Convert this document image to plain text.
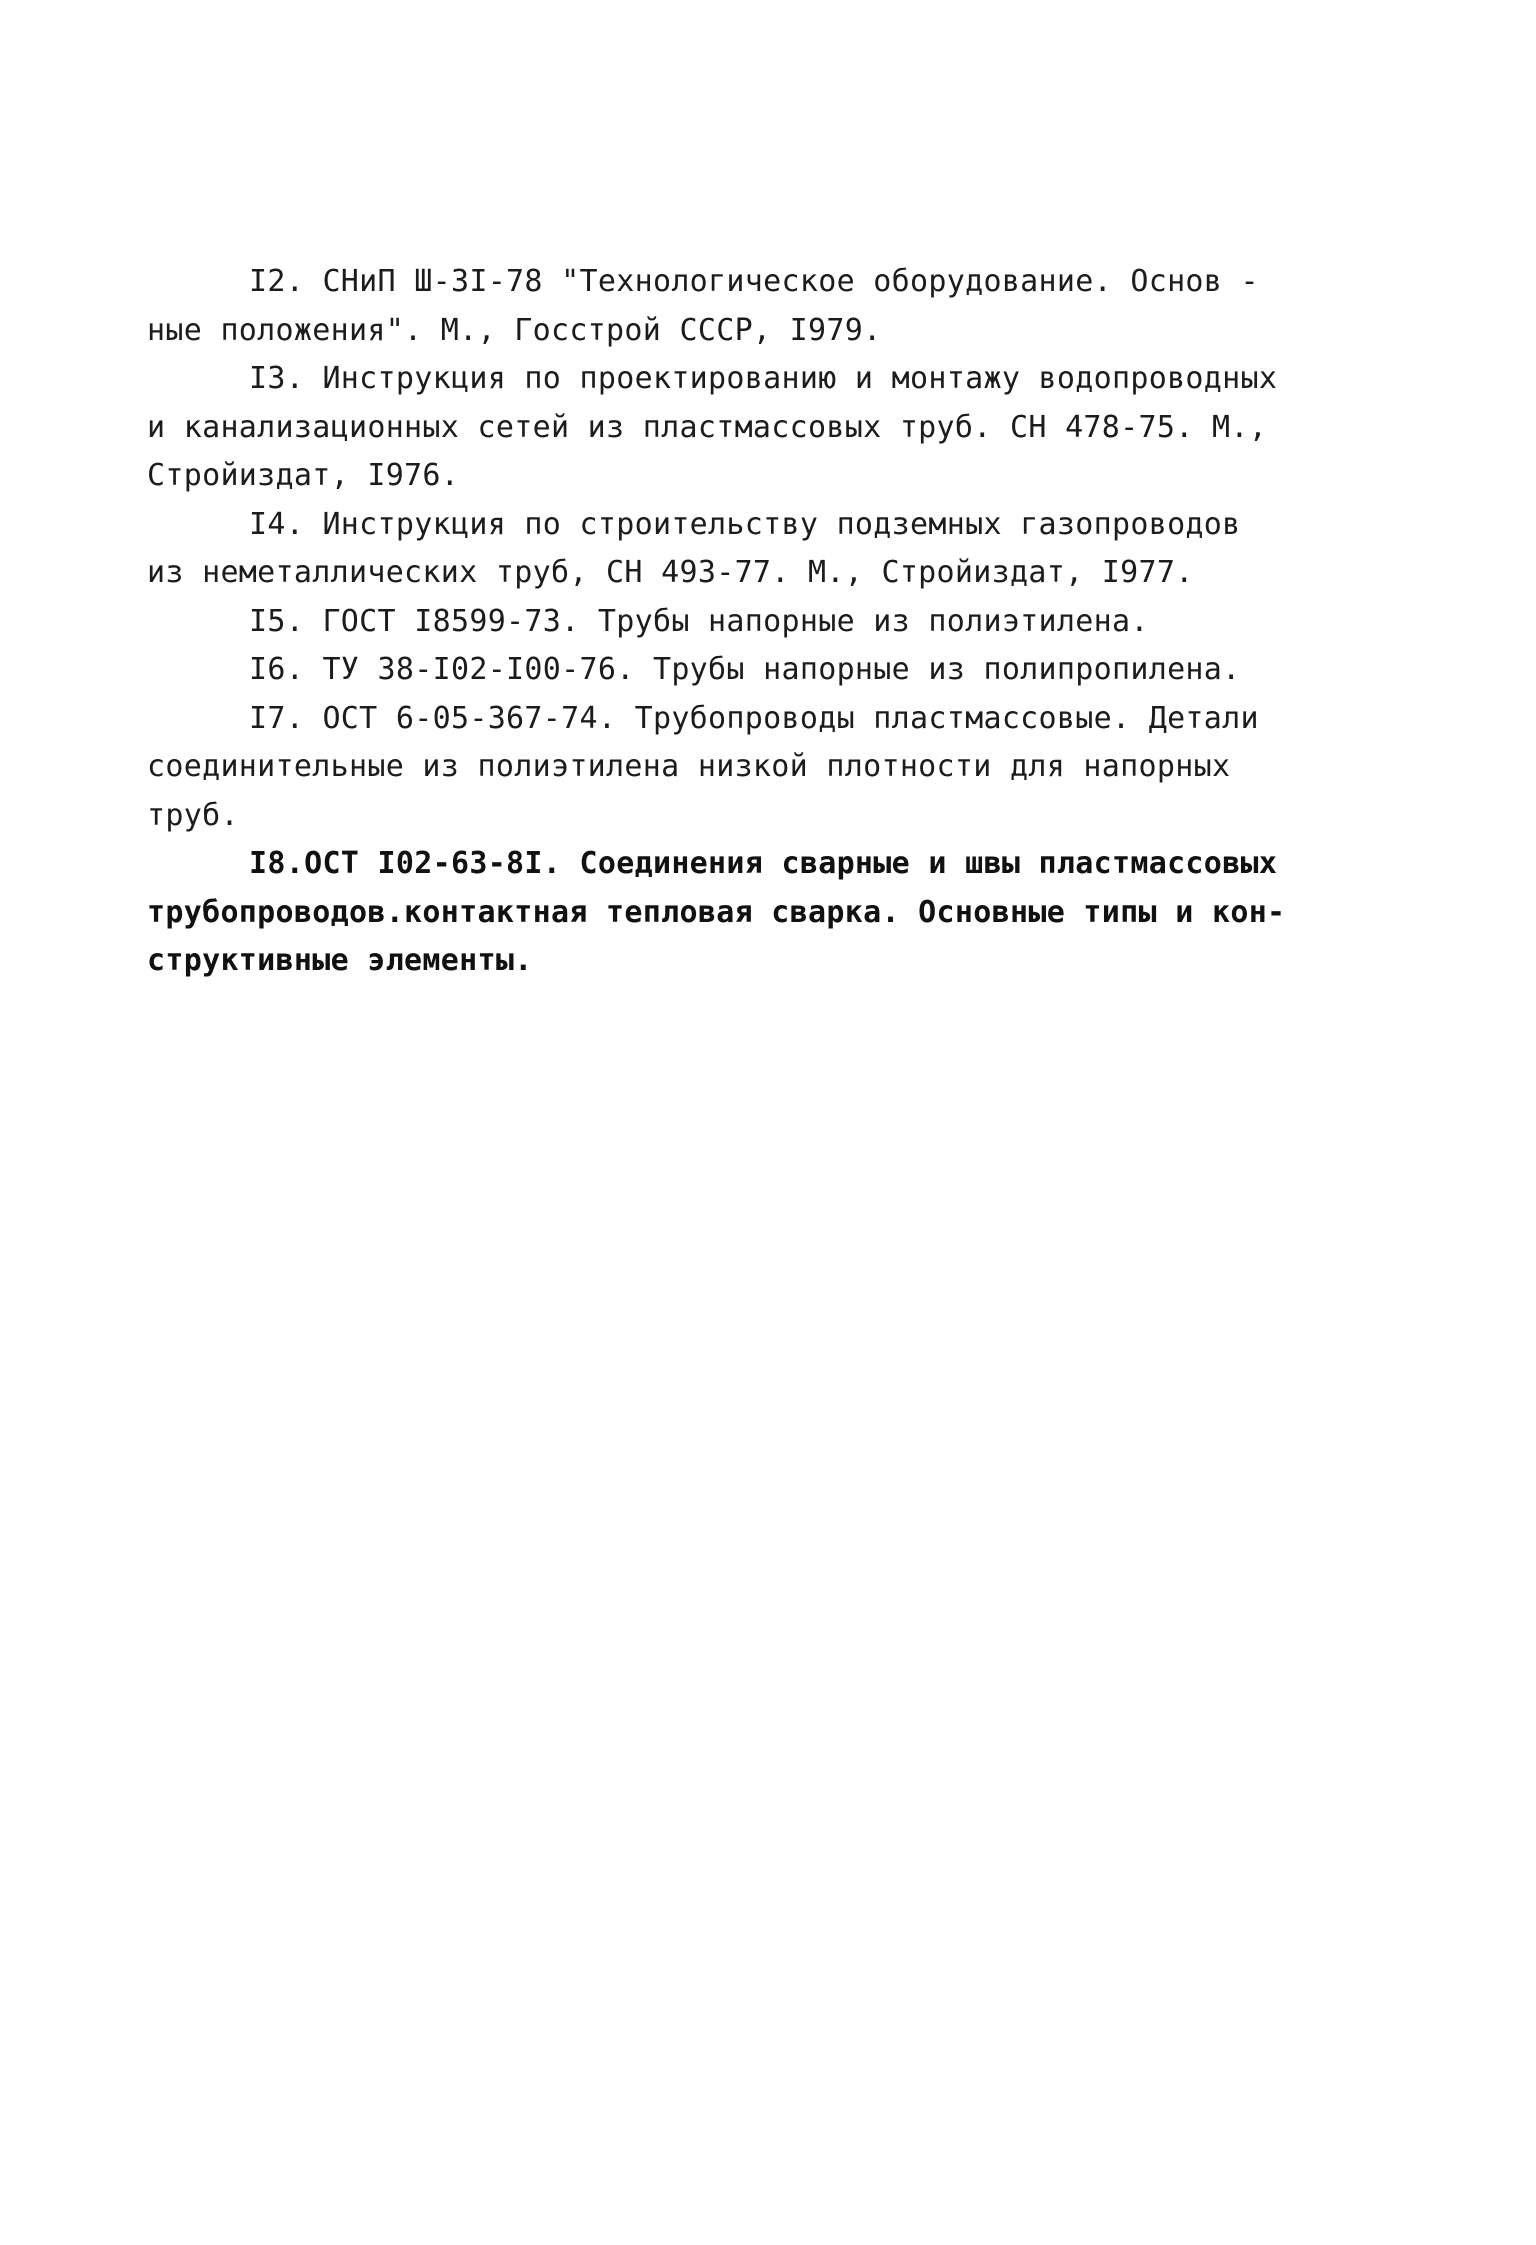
I2. СНиП Ш-3I-78 "Технологическое оборудование. Основ -
ные положения". М., Госстрой СССР, I979.
I3. Инструкция по проектированию и монтажу водопроводных
и канализационных сетей из пластмассовых труб. СН 478-75. М.,
Стройиздат, I976.
I4. Инструкция по строительству подземных газопроводов
из неметаллических труб, СН 493-77. М., Стройиздат, I977.
I5. ГОСТ I8599-73. Трубы напорные из полиэтилена.
I6. ТУ 38-I02-I00-76. Трубы напорные из полипропилена.
I7. ОСТ 6-05-367-74. Трубопроводы пластмассовые. Детали
соединительные из полиэтилена низкой плотности для напорных
труб.
I8.ОСТ I02-63-8I. Соединения сварные и швы пластмассовых
трубопроводов.контактная тепловая сварка. Основные типы и кон-
структивные элементы.
